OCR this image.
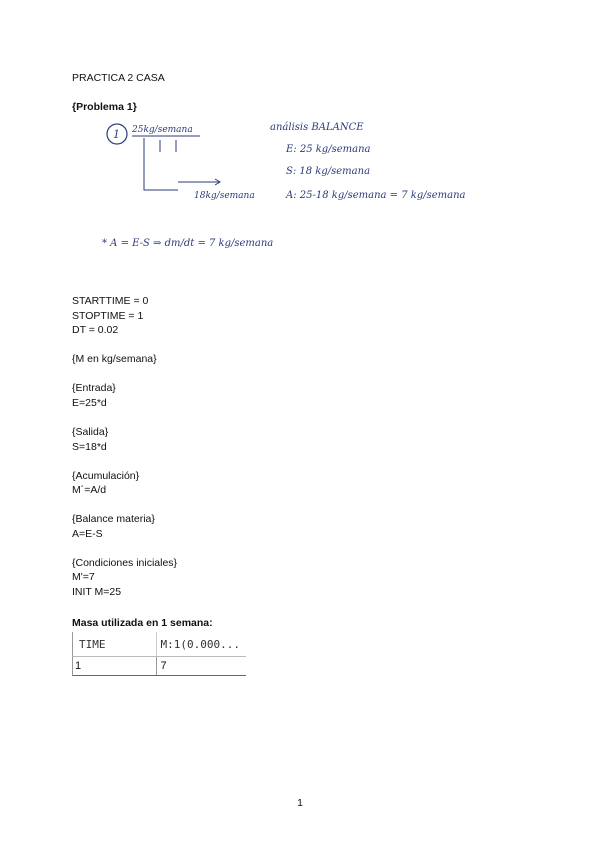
PRACTICA 2 CASA
{Problema 1}
1 25kg/semana
18kg/semana
análisis BALANCE
E: 25 kg/semana
S: 18 kg/semana
A: 25-18 kg/semana = 7 kg/semana
* A = E-S ⇒ dm/dt = 7 kg/semana
STARTTIME = 0
STOPTIME = 1
DT = 0.02
{M en kg/semana}
{Entrada}
E=25*d
{Salida}
S=18*d
{Acumulación}
M´=A/d
{Balance materia}
A=E-S
{Condiciones iniciales}
M'=7
INIT M=25
Masa utilizada en 1 semana:
TIME	M:1(0.000...
1	7
1
